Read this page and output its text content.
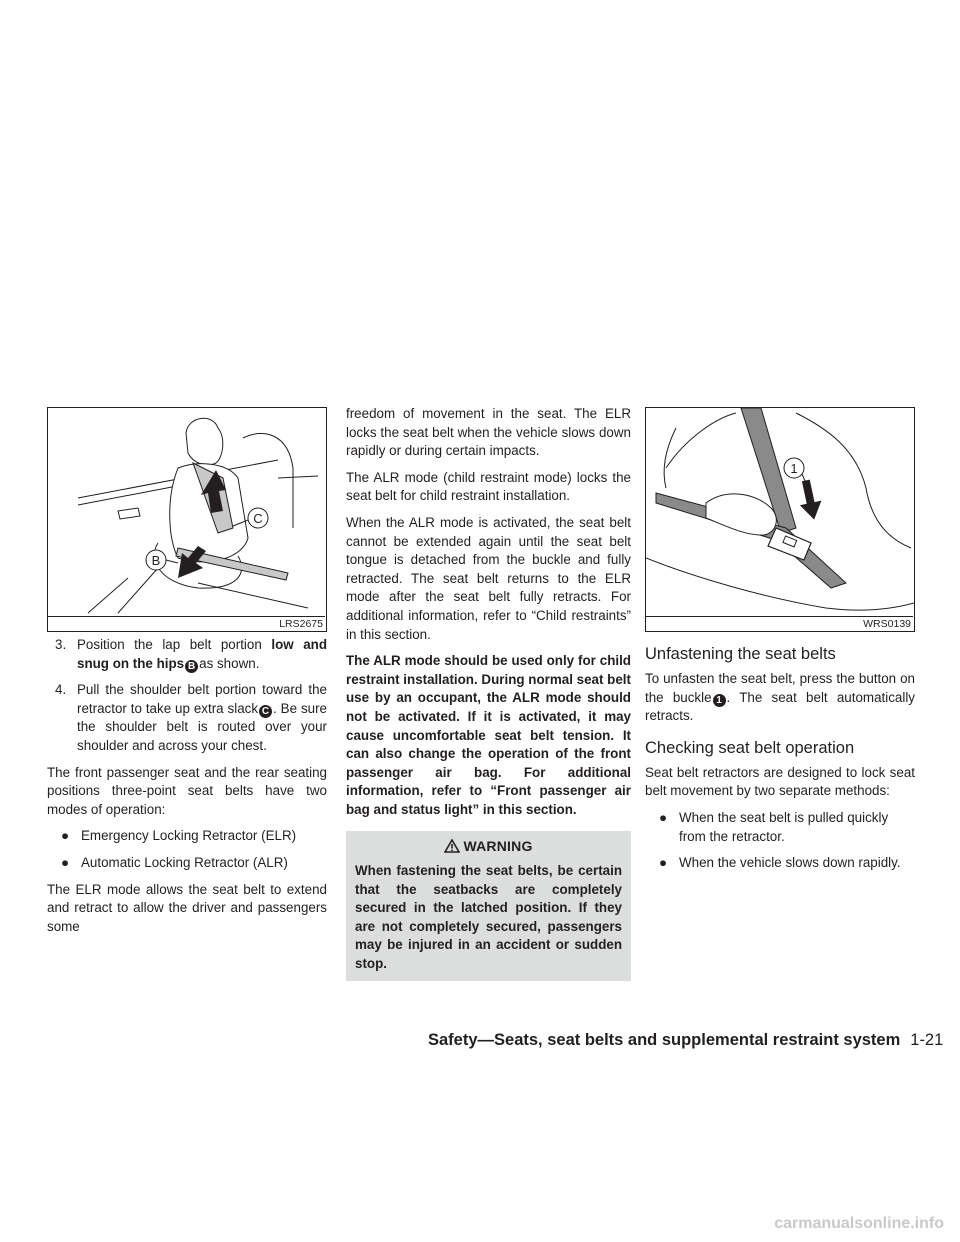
C
B
LRS2675
3. Position the lap belt portion low and snug on the hips B as shown.
4. Pull the shoulder belt portion toward the retractor to take up extra slack C . Be sure the shoulder belt is routed over your shoulder and across your chest.

The front passenger seat and the rear seating positions three-point seat belts have two modes of operation:

● Emergency Locking Retractor (ELR)
● Automatic Locking Retractor (ALR)

The ELR mode allows the seat belt to extend and retract to allow the driver and passengers some

freedom of movement in the seat. The ELR locks the seat belt when the vehicle slows down rapidly or during certain impacts.

The ALR mode (child restraint mode) locks the seat belt for child restraint installation.

When the ALR mode is activated, the seat belt cannot be extended again until the seat belt tongue is detached from the buckle and fully retracted. The seat belt returns to the ELR mode after the seat belt fully retracts. For additional information, refer to “Child restraints” in this section.

The ALR mode should be used only for child restraint installation. During normal seat belt use by an occupant, the ALR mode should not be activated. If it is activated, it may cause uncomfortable seat belt tension. It can also change the operation of the front passenger air bag. For additional information, refer to “Front passenger air bag and status light” in this section.

WARNING
When fastening the seat belts, be certain that the seatbacks are completely secured in the latched position. If they are not completely secured, passengers may be injured in an accident or sudden stop.
1
WRS0139
Unfastening the seat belts

To unfasten the seat belt, press the button on the buckle 1 . The seat belt automatically retracts.

Checking seat belt operation

Seat belt retractors are designed to lock seat belt movement by two separate methods:

● When the seat belt is pulled quickly from the retractor.
● When the vehicle slows down rapidly.
Safety—Seats, seat belts and supplemental restraint system 1-21
carmanualsonline.info
